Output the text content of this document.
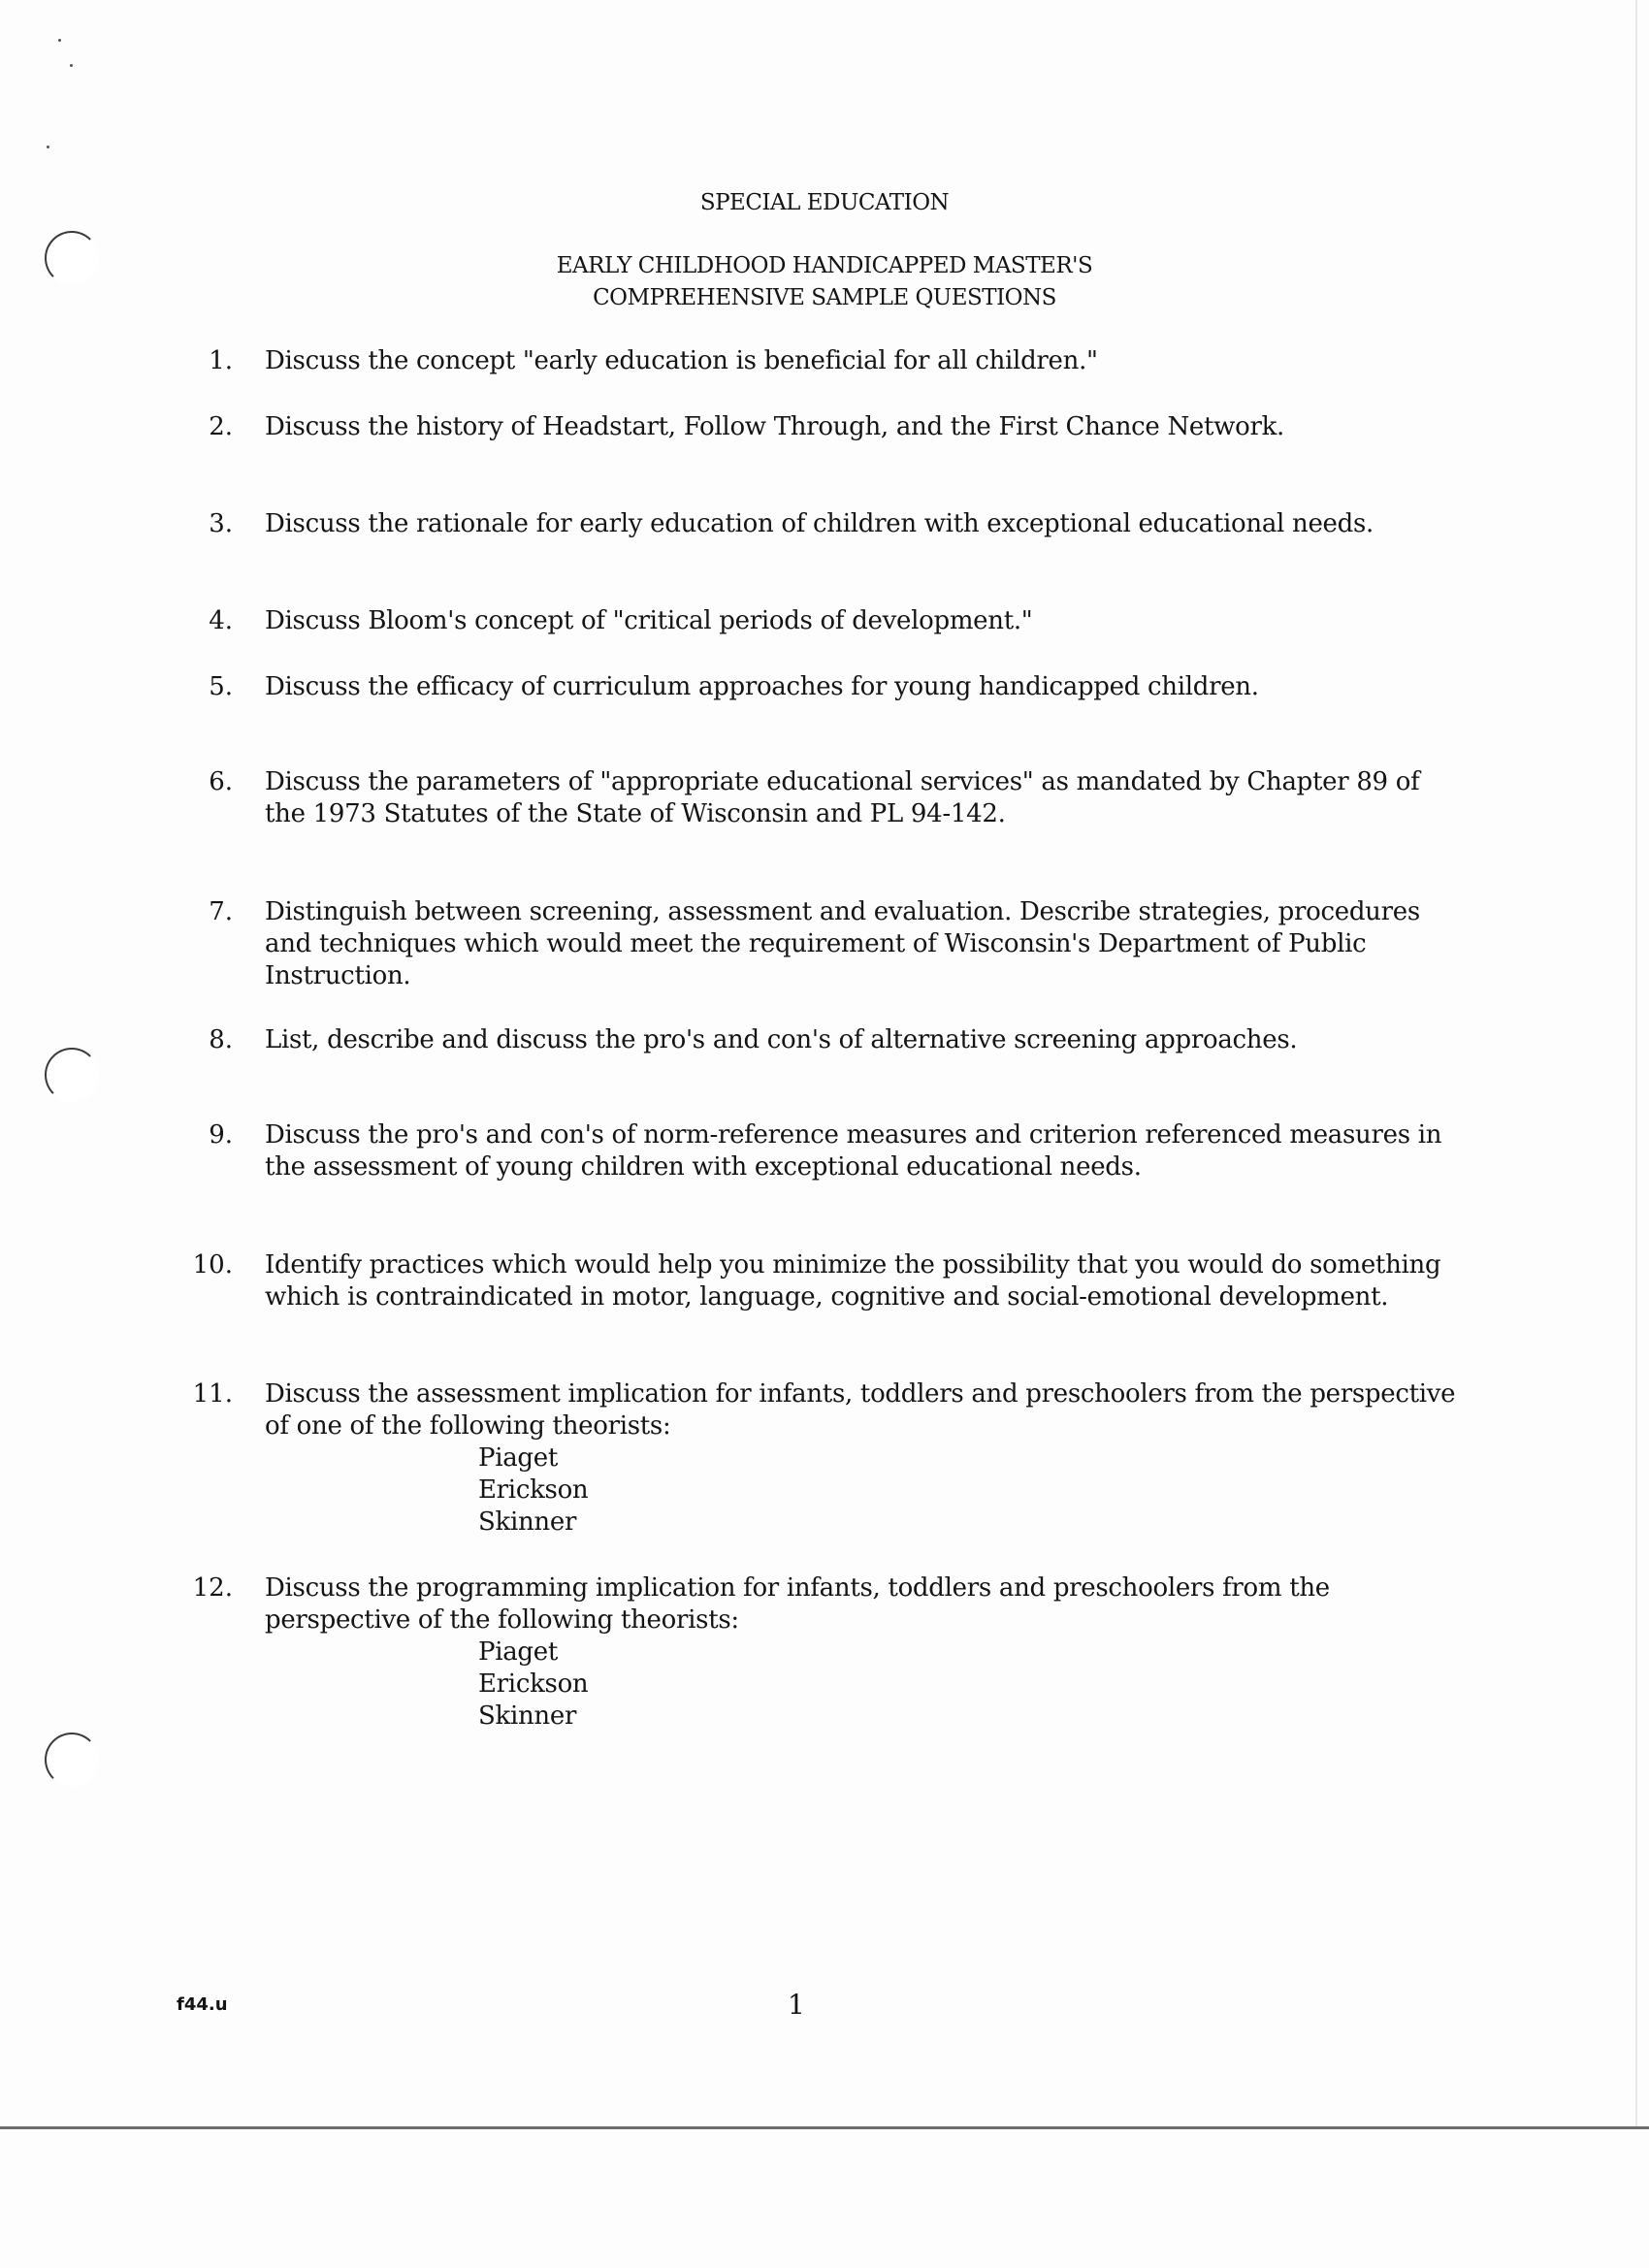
SPECIAL EDUCATION
EARLY CHILDHOOD HANDICAPPED MASTER'S
COMPREHENSIVE SAMPLE QUESTIONS
1. Discuss the concept "early education is beneficial for all children."
2. Discuss the history of Headstart, Follow Through, and the First Chance Network.
3. Discuss the rationale for early education of children with exceptional educational needs.
4. Discuss Bloom's concept of "critical periods of development."
5. Discuss the efficacy of curriculum approaches for young handicapped children.
6. Discuss the parameters of "appropriate educational services" as mandated by Chapter 89 of the 1973 Statutes of the State of Wisconsin and PL 94-142.
7. Distinguish between screening, assessment and evaluation. Describe strategies, procedures and techniques which would meet the requirement of Wisconsin's Department of Public Instruction.
8. List, describe and discuss the pro's and con's of alternative screening approaches.
9. Discuss the pro's and con's of norm-reference measures and criterion referenced measures in the assessment of young children with exceptional educational needs.
10. Identify practices which would help you minimize the possibility that you would do something which is contraindicated in motor, language, cognitive and social-emotional development.
11. Discuss the assessment implication for infants, toddlers and preschoolers from the perspective of one of the following theorists:
Piaget
Erickson
Skinner
12. Discuss the programming implication for infants, toddlers and preschoolers from the perspective of the following theorists:
Piaget
Erickson
Skinner
f44.u	1
